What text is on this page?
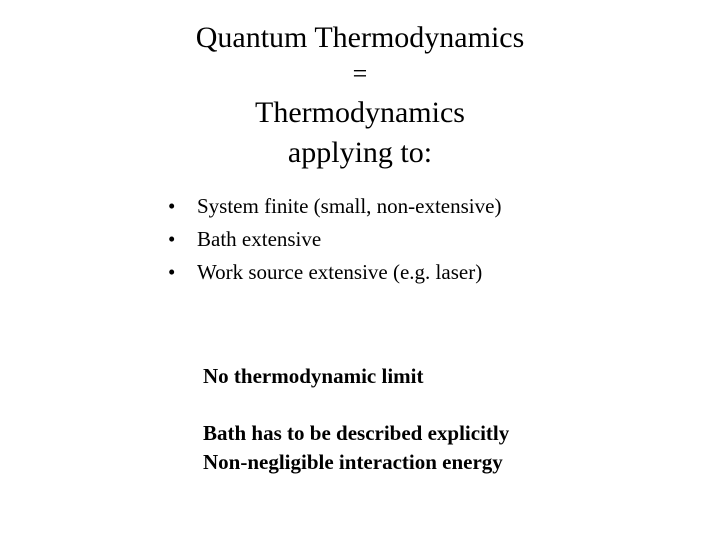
Quantum Thermodynamics
=
Thermodynamics
applying to:
• System finite (small, non-extensive)
• Bath extensive
• Work source extensive (e.g. laser)
No thermodynamic limit
Bath has to be described explicitly
Non-negligible interaction energy
